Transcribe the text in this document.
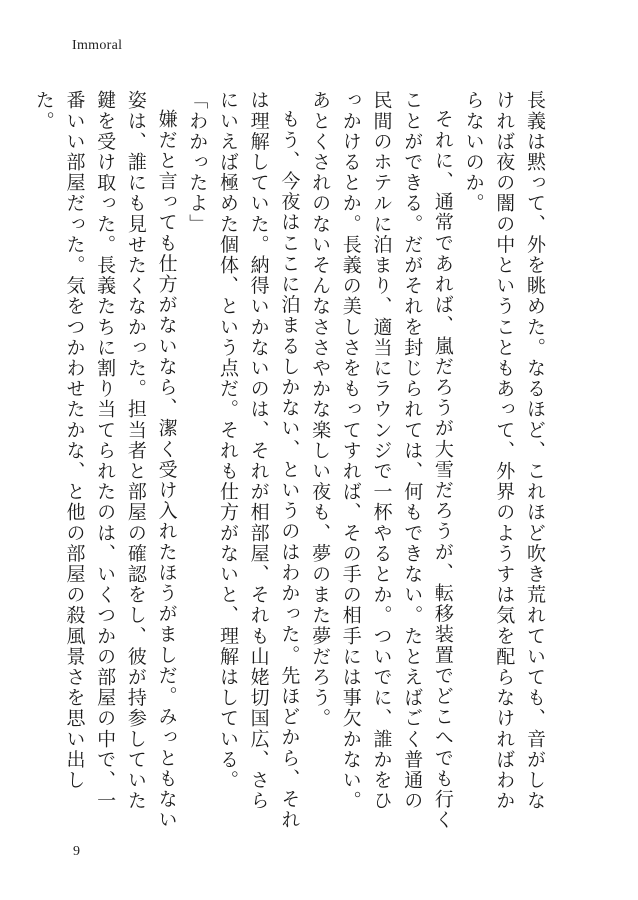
Immoral

長義は黙って、外を眺めた。なるほど、これほど吹き荒れていても、音がしなければ夜の闇の中ということもあって、外界のようすは気を配らなければわからないのか。

それに、通常であれば、嵐だろうが大雪だろうが、転移装置でどこへでも行くことができる。だがそれを封じられては、何もできない。たとえばごく普通の民間のホテルに泊まり、適当にラウンジで一杯やるとか。ついでに、誰かをひっかけるとか。長義の美しさをもってすれば、その手の相手には事欠かない。あとくされのないそんなささやかな楽しい夜も、夢のまた夢だろう。

もう、今夜はここに泊まるしかない、というのはわかった。先ほどから、それは理解していた。納得いかないのは、それが相部屋、それも山姥切国広、さらにいえば極めた個体、という点だ。それも仕方がないと、理解はしている。

「わかったよ」

嫌だと言っても仕方がないなら、潔く受け入れたほうがましだ。みっともない姿は、誰にも見せたくなかった。担当者と部屋の確認をし、彼が持参していた鍵を受け取った。長義たちに割り当てられたのは、いくつかの部屋の中で、一番いい部屋だった。気をつかわせたかな、と他の部屋の殺風景さを思い出した。

9
